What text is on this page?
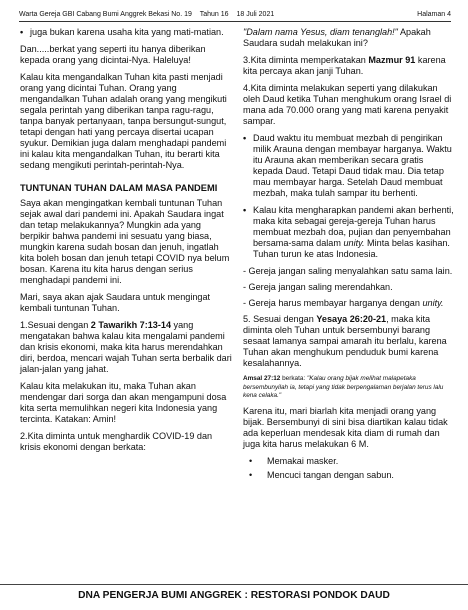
Warta Gereja GBI Cabang Bumi Anggrek Bekasi No. 19 Tahun 16 18 Juli 2021	Halaman 4
• juga bukan karena usaha kita yang mati-matian.

Dan.....berkat yang seperti itu hanya diberikan kepada orang yang dicintai-Nya. Haleluya!

Kalau kita mengandalkan Tuhan kita pasti menjadi orang yang dicintai Tuhan. Orang yang mengandalkan Tuhan adalah orang yang mengikuti segala perintah yang diberikan tanpa ragu-ragu, tanpa banyak pertanyaan, tanpa bersungut-sungut, tetapi dengan hati yang percaya disertai ucapan syukur. Demikian juga dalam menghadapi pandemi ini kalau kita mengandalkan Tuhan, itu berarti kita sedang mengikuti perintah-perintah-Nya.

TUNTUNAN TUHAN DALAM MASA PANDEMI

Saya akan mengingatkan kembali tuntunan Tuhan sejak awal dari pandemi ini. Apakah Saudara ingat dan tetap melakukannya? Mungkin ada yang berpikir bahwa pandemi ini sesuatu yang biasa, mungkin karena sudah bosan dan jenuh, ingatlah kita boleh bosan dan jenuh tetapi COVID nya belum bosan. Karena itu kita harus dengan serius menghadapi pandemi ini.

Mari, saya akan ajak Saudara untuk mengingat kembali tuntunan Tuhan.

1.Sesuai dengan 2 Tawarikh 7:13-14 yang mengatakan bahwa kalau kita mengalami pandemi dan krisis ekonomi, maka kita harus merendahkan diri, berdoa, mencari wajah Tuhan serta berbalik dari jalan-jalan yang jahat.

Kalau kita melakukan itu, maka Tuhan akan mendengar dari sorga dan akan mengampuni dosa kita serta memulihkan negeri kita Indonesia yang tercinta. Katakan: Amin!

2.Kita diminta untuk menghardik COVID-19 dan krisis ekonomi dengan berkata:

"Dalam nama Yesus, diam tenanglah!" Apakah Saudara sudah melakukan ini?

3.Kita diminta memperkatakan Mazmur 91 karena kita percaya akan janji Tuhan.

4.Kita diminta melakukan seperti yang dilakukan oleh Daud ketika Tuhan menghukum orang Israel di mana ada 70.000 orang yang mati karena penyakit sampar.

• Daud waktu itu membuat mezbah di pengirikan milik Arauna dengan membayar harganya. Waktu itu Arauna akan memberikan secara gratis kepada Daud. Tetapi Daud tidak mau. Dia tetap mau membayar harga. Setelah Daud membuat mezbah, maka tulah sampar itu berhenti.
• Kalau kita mengharapkan pandemi akan berhenti, maka kita sebagai gereja-gereja Tuhan harus membuat mezbah doa, pujian dan penyembahan bersama-sama dalam unity. Minta belas kasihan. Tuhan turun ke atas Indonesia.

- Gereja jangan saling menyalahkan satu sama lain.

- Gereja jangan saling merendahkan.

- Gereja harus membayar harganya dengan unity.

5. Sesuai dengan Yesaya 26:20-21, maka kita diminta oleh Tuhan untuk bersembunyi barang sesaat lamanya sampai amarah itu berlalu, karena Tuhan akan menghukum penduduk bumi karena kesalahannya.

Amsal 27:12 berkata: "Kalau orang bijak melihat malapetaka bersembunyilah ia, tetapi yang tidak berpengalaman berjalan terus lalu kena celaka."

Karena itu, mari biarlah kita menjadi orang yang bijak. Bersembunyi di sini bisa diartikan kalau tidak ada keperluan mendesak kita diam di rumah dan juga kita harus melakukan 6 M.

•	Memakai masker.
•	Mencuci tangan dengan sabun.
DNA PENGERJA BUMI ANGGREK : RESTORASI PONDOK DAUD
